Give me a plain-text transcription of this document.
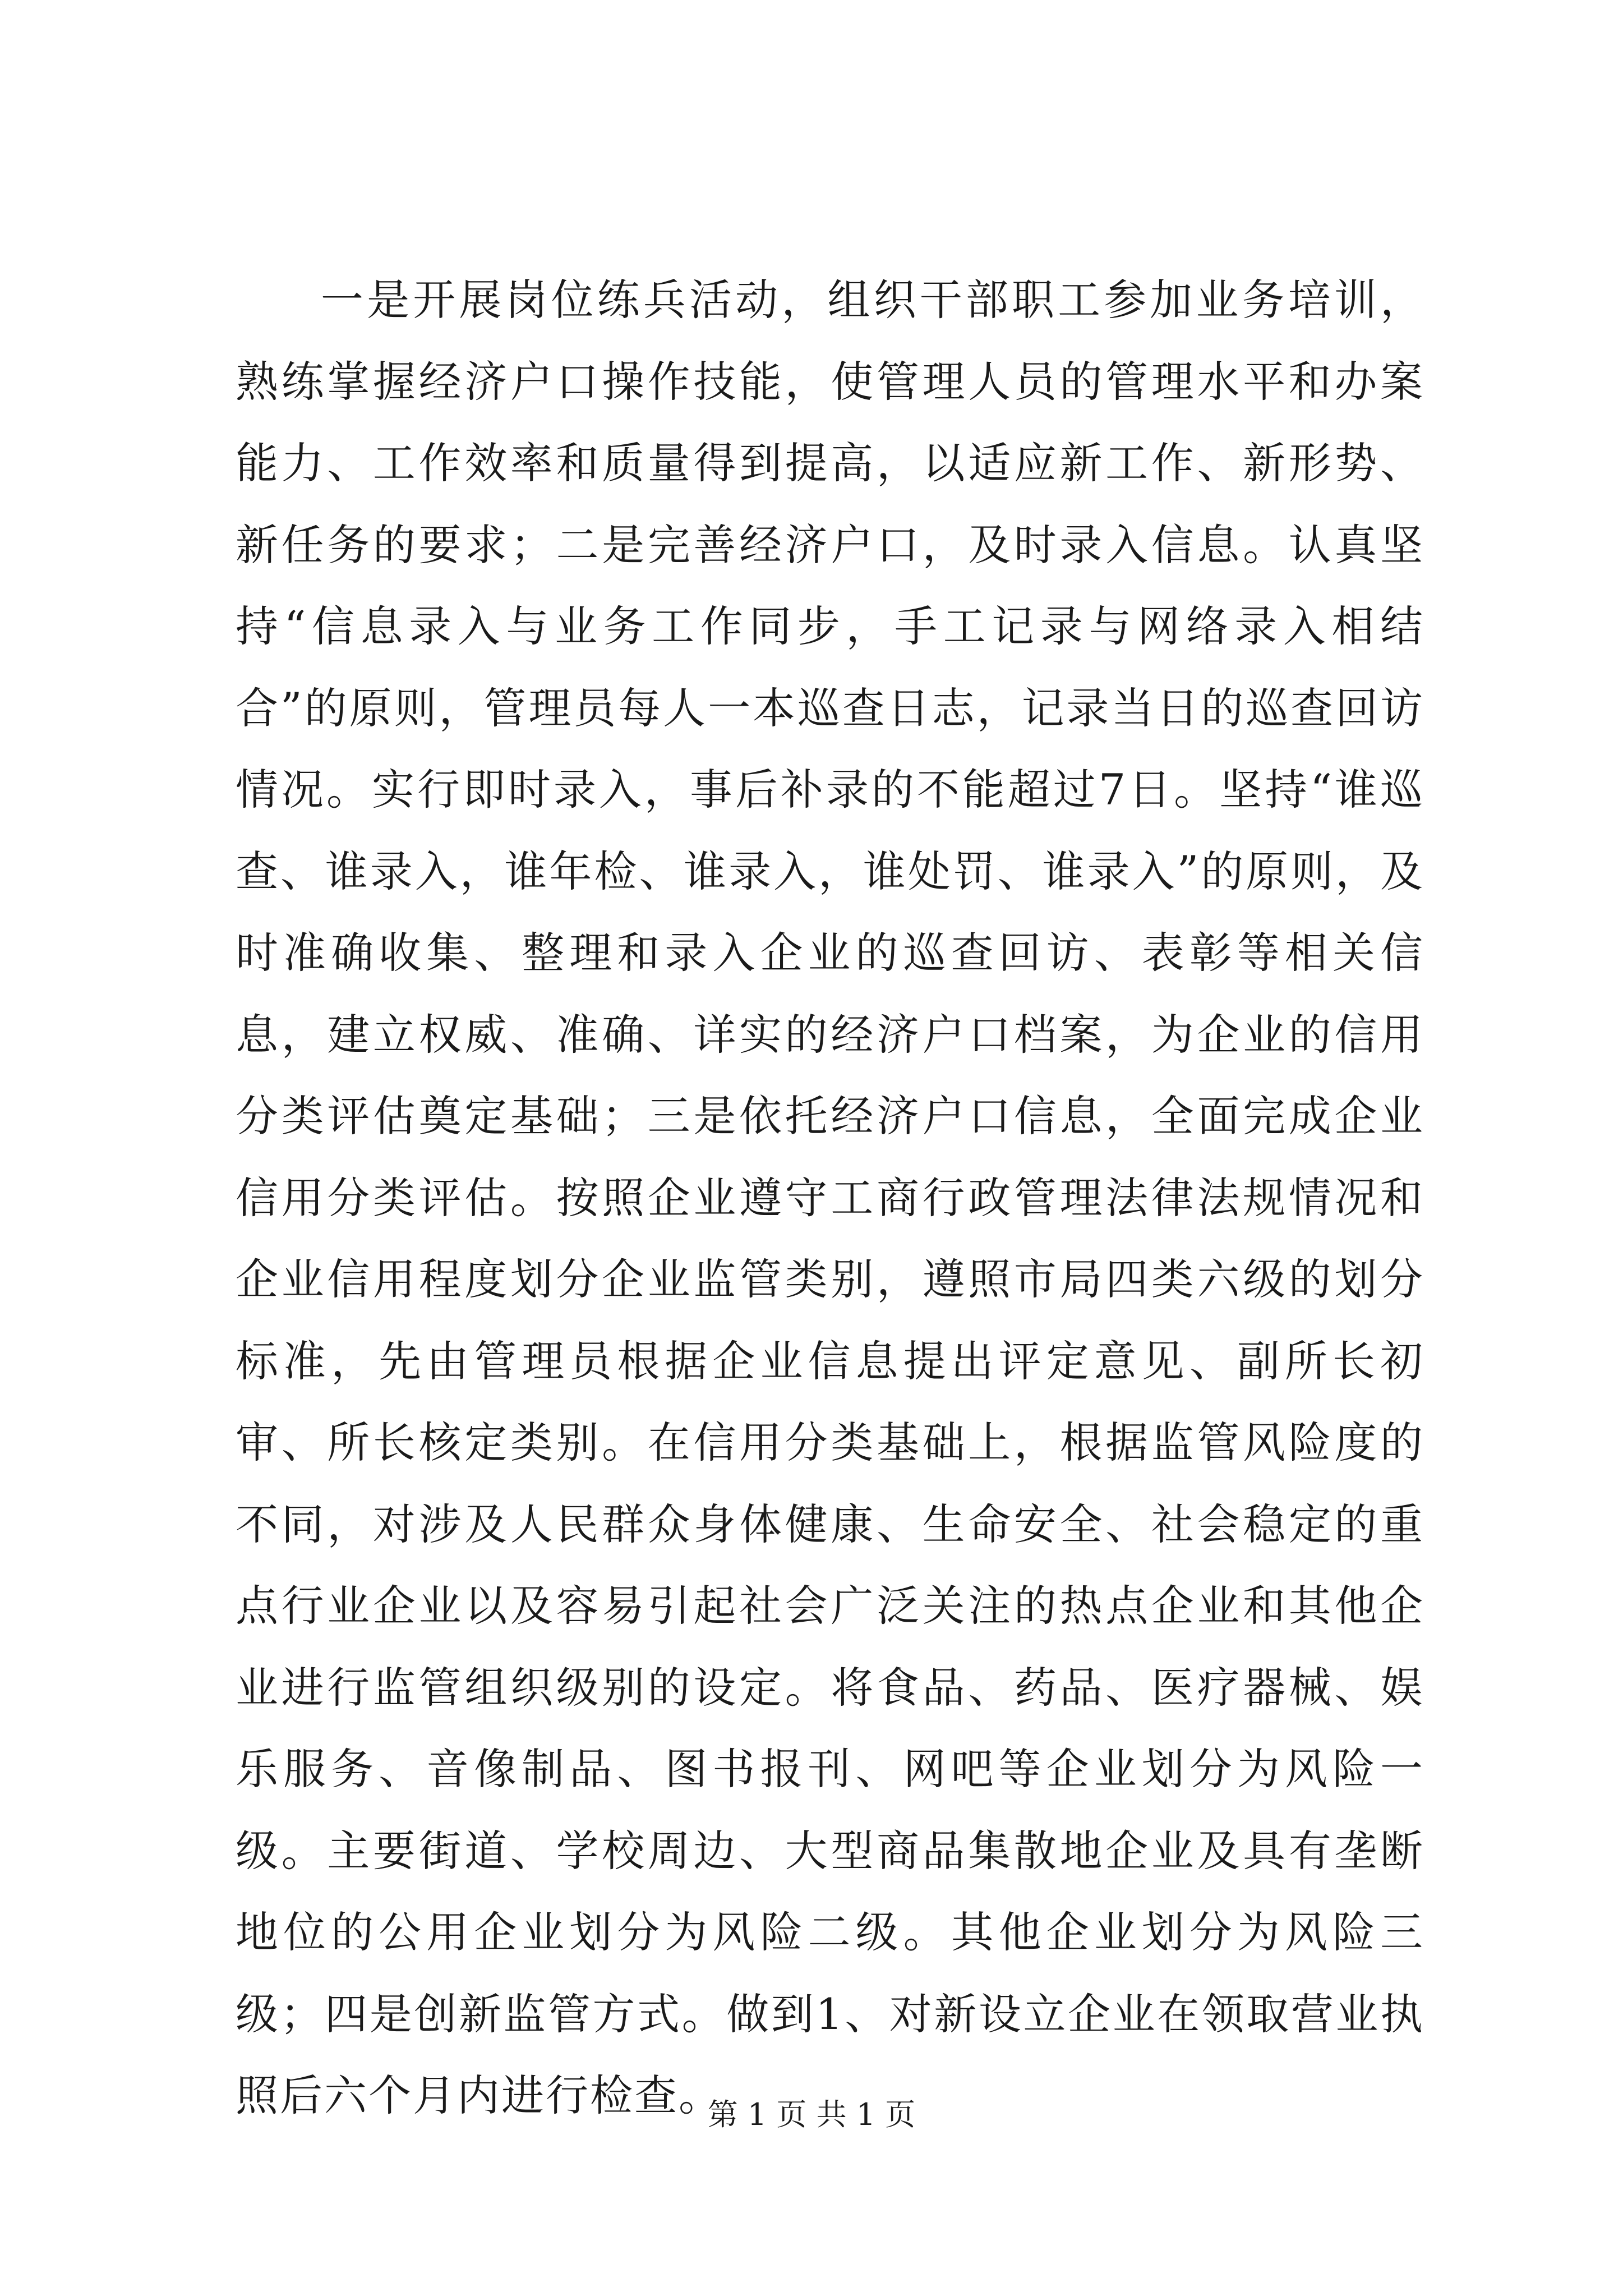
一是开展岗位练兵活动，组织干部职工参加业务培训，熟练掌握经济户口操作技能，使管理人员的管理水平和办案能力、工作效率和质量得到提高，以适应新工作、新形势、新任务的要求；二是完善经济户口，及时录入信息。认真坚持“信息录入与业务工作同步，手工记录与网络录入相结合”的原则，管理员每人一本巡查日志，记录当日的巡查回访情况。实行即时录入，事后补录的不能超过7日。坚持“谁巡查、谁录入，谁年检、谁录入，谁处罚、谁录入”的原则，及时准确收集、整理和录入企业的巡查回访、表彰等相关信息，建立权威、准确、详实的经济户口档案，为企业的信用分类评估奠定基础；三是依托经济户口信息，全面完成企业信用分类评估。按照企业遵守工商行政管理法律法规情况和企业信用程度划分企业监管类别，遵照市局四类六级的划分标准，先由管理员根据企业信息提出评定意见、副所长初审、所长核定类别。在信用分类基础上，根据监管风险度的不同，对涉及人民群众身体健康、生命安全、社会稳定的重点行业企业以及容易引起社会广泛关注的热点企业和其他企业进行监管组织级别的设定。将食品、药品、医疗器械、娱乐服务、音像制品、图书报刊、网吧等企业划分为风险一级。主要街道、学校周边、大型商品集散地企业及具有垄断地位的公用企业划分为风险二级。其他企业划分为风险三级；四是创新监管方式。做到1、对新设立企业在领取营业执照后六个月内进行检查。

第 1 页 共 1 页
